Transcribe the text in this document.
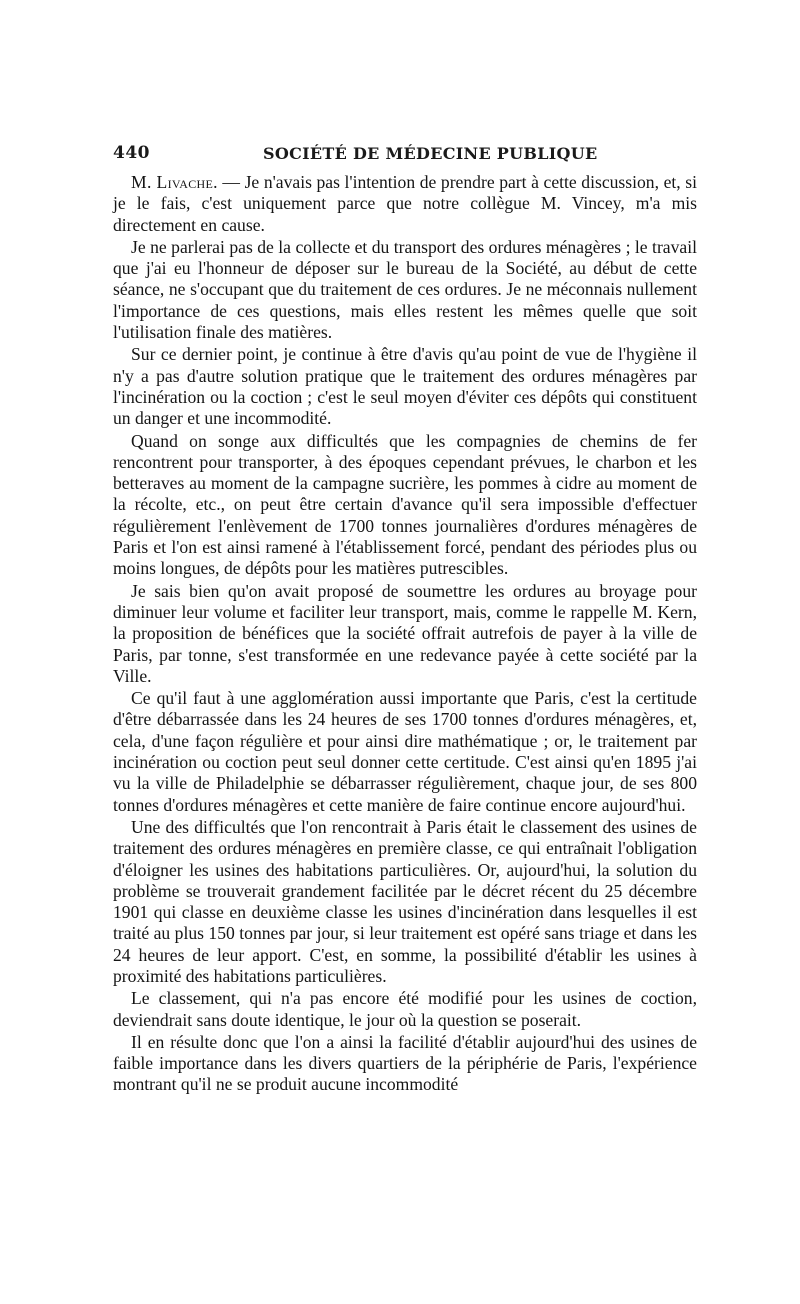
440	SOCIÉTÉ DE MÉDECINE PUBLIQUE

M. Livache. — Je n'avais pas l'intention de prendre part à cette discussion, et, si je le fais, c'est uniquement parce que notre collègue M. Vincey, m'a mis directement en cause.

Je ne parlerai pas de la collecte et du transport des ordures ménagères ; le travail que j'ai eu l'honneur de déposer sur le bureau de la Société, au début de cette séance, ne s'occupant que du traitement de ces ordures. Je ne méconnais nullement l'importance de ces questions, mais elles restent les mêmes quelle que soit l'utilisation finale des matières.

Sur ce dernier point, je continue à être d'avis qu'au point de vue de l'hygiène il n'y a pas d'autre solution pratique que le traitement des ordures ménagères par l'incinération ou la coction ; c'est le seul moyen d'éviter ces dépôts qui constituent un danger et une incommodité.

Quand on songe aux difficultés que les compagnies de chemins de fer rencontrent pour transporter, à des époques cependant prévues, le charbon et les betteraves au moment de la campagne sucrière, les pommes à cidre au moment de la récolte, etc., on peut être certain d'avance qu'il sera impossible d'effectuer régulièrement l'enlèvement de 1700 tonnes journalières d'ordures ménagères de Paris et l'on est ainsi ramené à l'établissement forcé, pendant des périodes plus ou moins longues, de dépôts pour les matières putrescibles.

Je sais bien qu'on avait proposé de soumettre les ordures au broyage pour diminuer leur volume et faciliter leur transport, mais, comme le rappelle M. Kern, la proposition de bénéfices que la société offrait autrefois de payer à la ville de Paris, par tonne, s'est transformée en une redevance payée à cette société par la Ville.

Ce qu'il faut à une agglomération aussi importante que Paris, c'est la certitude d'être débarrassée dans les 24 heures de ses 1700 tonnes d'ordures ménagères, et, cela, d'une façon régulière et pour ainsi dire mathématique ; or, le traitement par incinération ou coction peut seul donner cette certitude. C'est ainsi qu'en 1895 j'ai vu la ville de Philadelphie se débarrasser régulièrement, chaque jour, de ses 800 tonnes d'ordures ménagères et cette manière de faire continue encore aujourd'hui.

Une des difficultés que l'on rencontrait à Paris était le classement des usines de traitement des ordures ménagères en première classe, ce qui entraînait l'obligation d'éloigner les usines des habitations particulières. Or, aujourd'hui, la solution du problème se trouverait grandement facilitée par le décret récent du 25 décembre 1901 qui classe en deuxième classe les usines d'incinération dans lesquelles il est traité au plus 150 tonnes par jour, si leur traitement est opéré sans triage et dans les 24 heures de leur apport. C'est, en somme, la possibilité d'établir les usines à proximité des habitations particulières.

Le classement, qui n'a pas encore été modifié pour les usines de coction, deviendrait sans doute identique, le jour où la question se poserait.

Il en résulte donc que l'on a ainsi la facilité d'établir aujourd'hui des usines de faible importance dans les divers quartiers de la périphérie de Paris, l'expérience montrant qu'il ne se produit aucune incommodité
